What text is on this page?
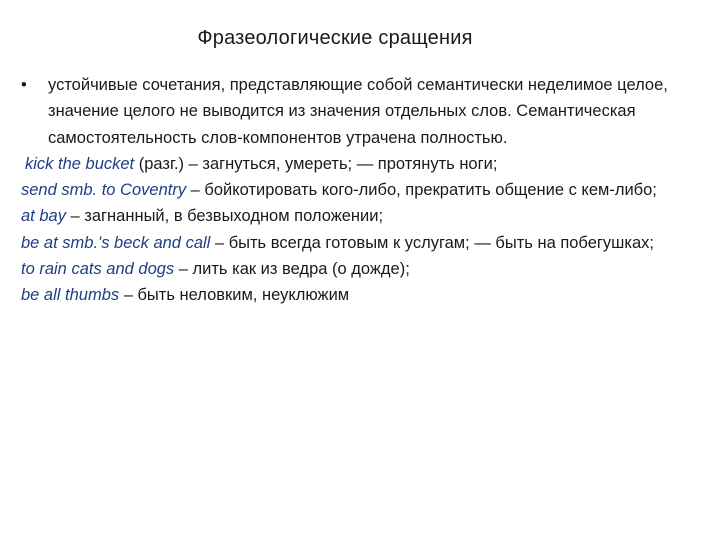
Фразеологические сращения
•	устойчивые сочетания, представляющие собой семантически неделимое целое, значение целого не выводится из значения отдельных слов. Семантическая самостоятельность слов-компонентов утрачена полностью.
kick the bucket (разг.) – загнуться, умереть; — протянуть ноги;
send smb. to Coventry – бойкотировать кого-либо, прекратить общение с кем-либо;
at bay – загнанный, в безвыходном положении;
be at smb.'s beck and call – быть всегда готовым к услугам; — быть на побегушках;
to rain cats and dogs – лить как из ведра (о дожде);
be all thumbs – быть неловким, неуклюжим
